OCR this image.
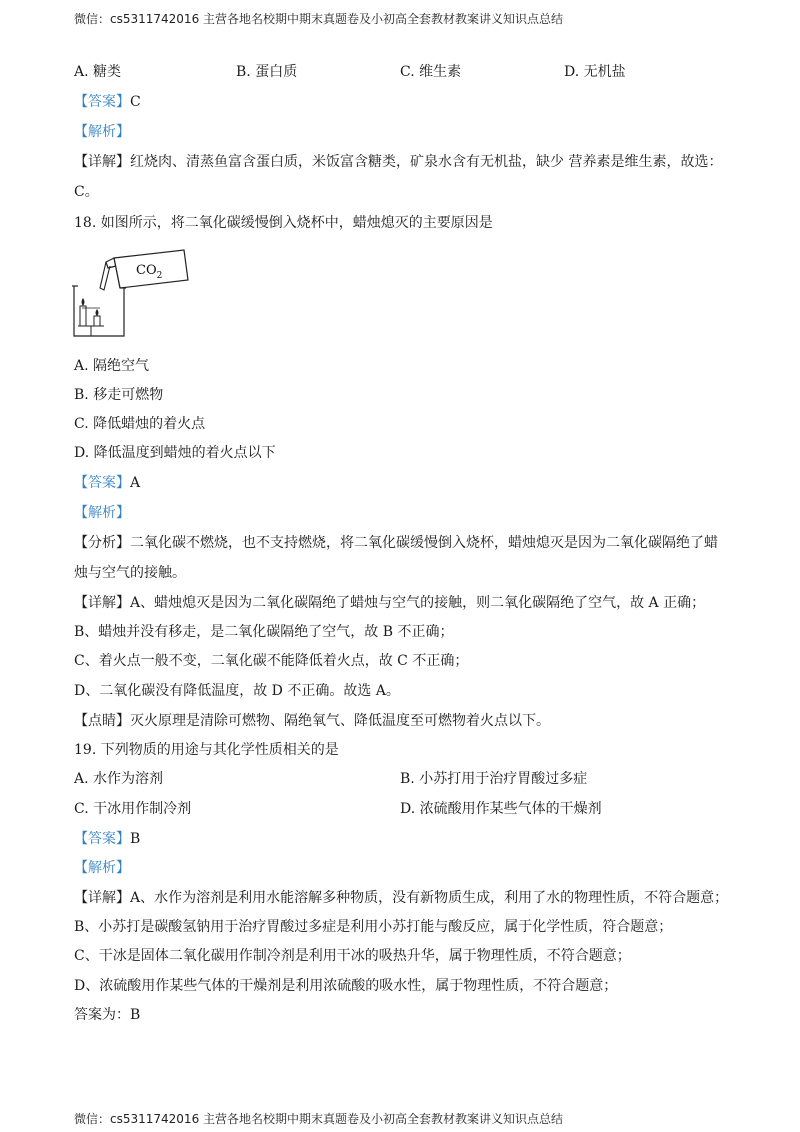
微信：cs5311742016 主营各地名校期中期末真题卷及小初高全套教材教案讲义知识点总结
A. 糖类	B. 蛋白质	C. 维生素	D. 无机盐
【答案】C
【解析】
【详解】红烧肉、清蒸鱼富含蛋白质，米饭富含糖类，矿泉水含有无机盐，缺少 营养素是维生素，故选：
C。
18. 如图所示，将二氧化碳缓慢倒入烧杯中，蜡烛熄灭的主要原因是
$CO_2$
A. 隔绝空气
B. 移走可燃物
C. 降低蜡烛的着火点
D. 降低温度到蜡烛的着火点以下
【答案】A
【解析】
【分析】二氧化碳不燃烧，也不支持燃烧，将二氧化碳缓慢倒入烧杯，蜡烛熄灭是因为二氧化碳隔绝了蜡
烛与空气的接触。
【详解】A、蜡烛熄灭是因为二氧化碳隔绝了蜡烛与空气的接触，则二氧化碳隔绝了空气，故 A 正确；
B、蜡烛并没有移走，是二氧化碳隔绝了空气，故 B 不正确；
C、着火点一般不变，二氧化碳不能降低着火点，故 C 不正确；
D、二氧化碳没有降低温度，故 D 不正确。故选 A。
【点睛】灭火原理是清除可燃物、隔绝氧气、降低温度至可燃物着火点以下。
19. 下列物质的用途与其化学性质相关的是
A. 水作为溶剂	B. 小苏打用于治疗胃酸过多症
C. 干冰用作制冷剂	D. 浓硫酸用作某些气体的干燥剂
【答案】B
【解析】
【详解】A、水作为溶剂是利用水能溶解多种物质，没有新物质生成，利用了水的物理性质，不符合题意；
B、小苏打是碳酸氢钠用于治疗胃酸过多症是利用小苏打能与酸反应，属于化学性质，符合题意；
C、干冰是固体二氧化碳用作制冷剂是利用干冰的吸热升华，属于物理性质，不符合题意；
D、浓硫酸用作某些气体的干燥剂是利用浓硫酸的吸水性，属于物理性质，不符合题意；
答案为：B
微信：cs5311742016 主营各地名校期中期末真题卷及小初高全套教材教案讲义知识点总结
